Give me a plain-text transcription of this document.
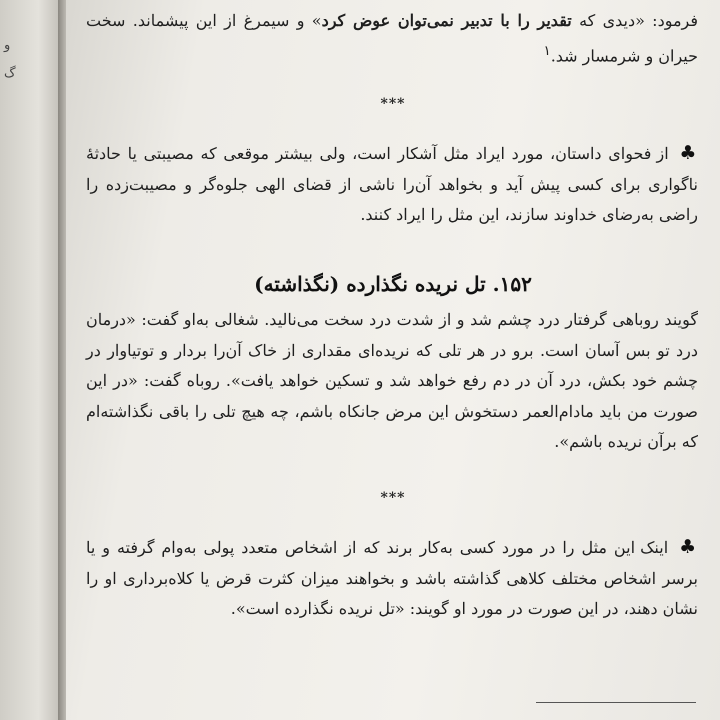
و
گ
فرمود: «دیدی که تقدیر را با تدبیر نمی‌توان عوض کرد» و سیمرغ از این پیشماند. سخت حیران و شرمسار شد.$^۱$
***
♣ از فحوای داستان، مورد ایراد مثل آشکار است، ولی بیشتر موقعی که مصیبتی یا حادثهٔ ناگواری برای کسی پیش آید و بخواهد آن‌را ناشی از قضای الهی جلوه‌گر و مصیبت‌زده را راضی به‌رضای خداوند سازند، این مثل را ایراد کنند.
۱۵۲. تل نریده نگذارده (نگذاشته)
گویند روباهی گرفتار درد چشم شد و از شدت درد سخت می‌نالید. شغالی به‌او گفت: «درمان درد تو بس آسان است. برو در هر تلی که نریده‌ای مقداری از خاک آن‌را بردار و توتیاوار در چشم خود بکش، درد آن در دم رفع خواهد شد و تسکین خواهد یافت». روباه گفت: «در این صورت من باید مادام‌العمر دستخوش این مرض جانکاه باشم، چه هیچ تلی را باقی نگذاشته‌ام که برآن نریده باشم».
***
♣ اینک این مثل را در مورد کسی به‌کار برند که از اشخاص متعدد پولی به‌وام گرفته و یا برسر اشخاص مختلف کلاهی گذاشته باشد و بخواهند میزان کثرت قرض یا کلاه‌برداری او را نشان دهند، در این صورت در مورد او گویند: «تل نریده نگذارده است».
